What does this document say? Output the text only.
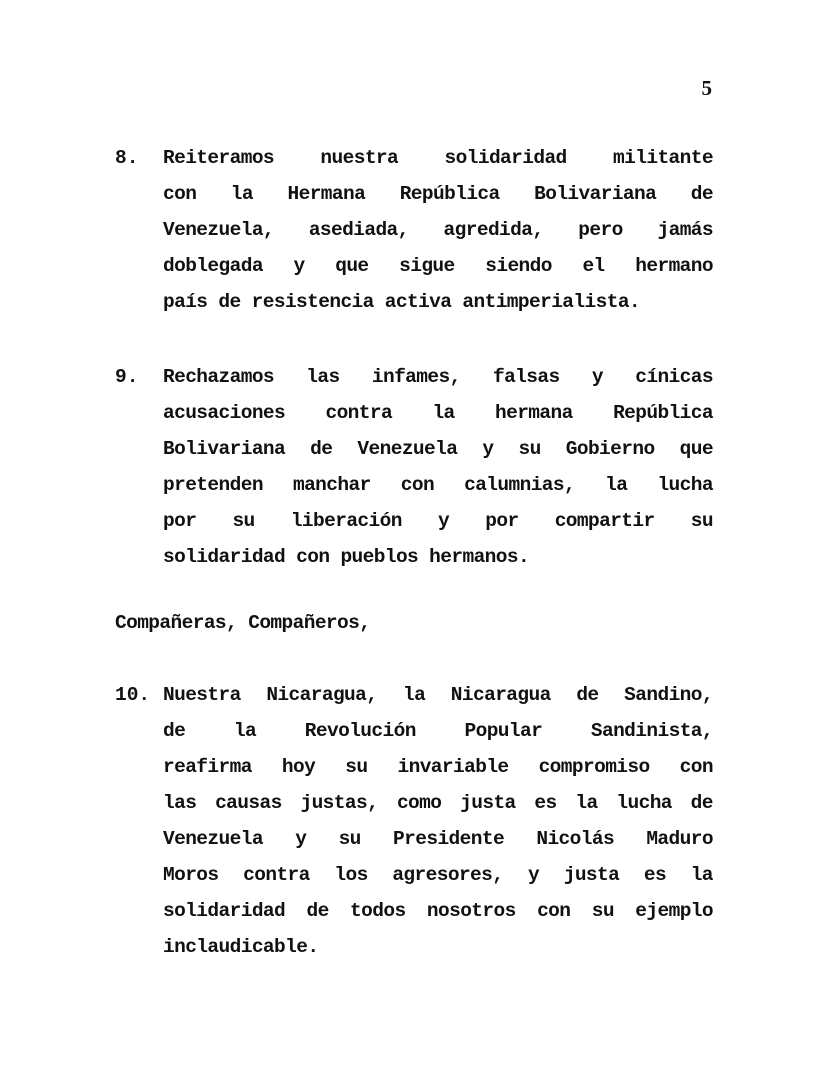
5
8. Reiteramos nuestra solidaridad militante
con la Hermana República Bolivariana de
Venezuela, asediada, agredida, pero jamás
doblegada y que sigue siendo el hermano
país de resistencia activa antimperialista.
9. Rechazamos las infames, falsas y cínicas
acusaciones contra la hermana República
Bolivariana de Venezuela y su Gobierno que
pretenden manchar con calumnias, la lucha
por su liberación y por compartir su
solidaridad con pueblos hermanos.
Compañeras, Compañeros,
10. Nuestra Nicaragua, la Nicaragua de Sandino,
de la Revolución Popular Sandinista,
reafirma hoy su invariable compromiso con
las causas justas, como justa es la lucha de
Venezuela y su Presidente Nicolás Maduro
Moros contra los agresores, y justa es la
solidaridad de todos nosotros con su ejemplo
inclaudicable.
